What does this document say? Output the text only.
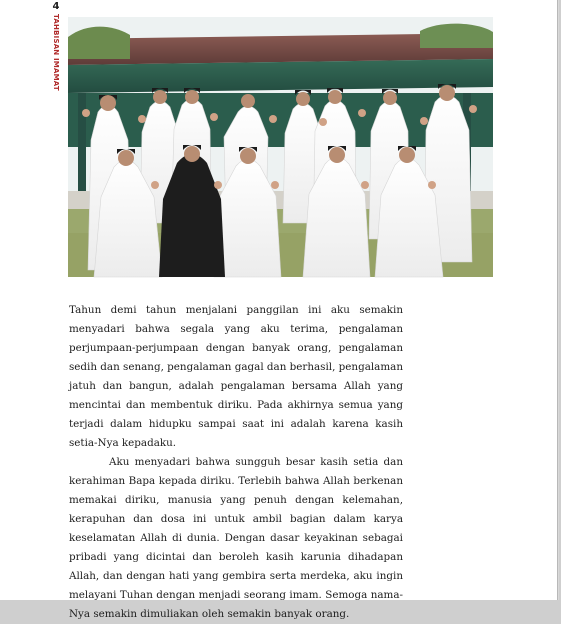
4
TAHBISAN IMAMAT

Tahun demi tahun menjalani panggilan ini aku semakin menyadari bahwa segala yang aku terima, pengalaman perjumpaan-perjumpaan dengan banyak orang, pengalaman sedih dan senang, pengalaman gagal dan berhasil, pengalaman jatuh dan bangun, adalah pengalaman bersama Allah yang mencintai dan membentuk diriku. Pada akhirnya semua yang terjadi dalam hidupku sampai saat ini adalah karena kasih setia-Nya kepadaku.

Aku menyadari bahwa sungguh besar kasih setia dan kerahiman Bapa kepada diriku. Terlebih bahwa Allah berkenan memakai diriku, manusia yang penuh dengan kelemahan, kerapuhan dan dosa ini untuk ambil bagian dalam karya keselamatan Allah di dunia. Dengan dasar keyakinan sebagai pribadi yang dicintai dan beroleh kasih karunia dihadapan Allah, dan dengan hati yang gembira serta merdeka, aku ingin melayani Tuhan dengan menjadi seorang imam. Semoga nama-Nya semakin dimuliakan oleh semakin banyak orang.
